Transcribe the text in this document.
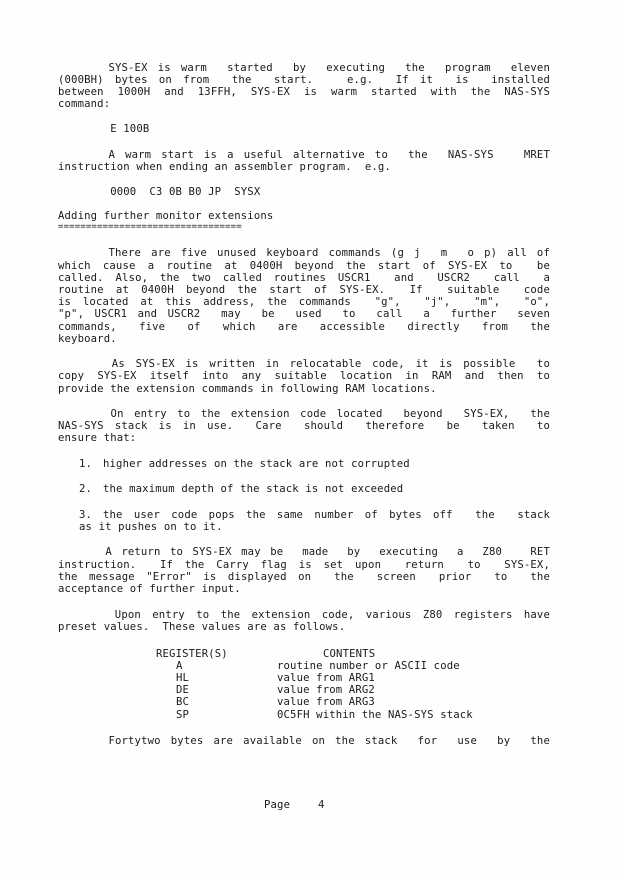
SYS-EX is warm  started  by  executing  the  program  eleven
(000BH) bytes on from  the  start.   e.g.  If it  is  installed
between 1000H and 13FFH, SYS-EX is warm started with the NAS-SYS
command:
E 100B
A warm start is a useful alternative to  the  NAS-SYS   MRET
instruction when ending an assembler program.  e.g.
0000  C3 0B B0 JP  SYSX
Adding further monitor extensions
=================================
There are five unused keyboard commands (g j  m  o p) all of
which cause a routine at 0400H beyond the start of SYS-EX to  be
called. Also, the two called routines USCR1  and  USCR2  call  a
routine at 0400H beyond the start of SYS-EX.  If  suitable  code
is located at this address, the commands  "g",  "j",  "m",  "o",
"p", USCR1 and USCR2  may  be  used  to  call  a  further  seven
commands,  five  of  which  are  accessible  directly  from  the
keyboard.
As SYS-EX is written in relocatable code, it is possible  to
copy SYS-EX itself into any suitable location in RAM and then to
provide the extension commands in following RAM locations.
On entry to the extension code located  beyond  SYS-EX,  the
NAS-SYS stack is in use.  Care  should  therefore  be  taken  to
ensure that:
1. higher addresses on the stack are not corrupted
2. the maximum depth of the stack is not exceeded
3. the user code pops the same number of bytes off  the  stack
as it pushes on to it.
A return to SYS-EX may be  made  by  executing  a  Z80   RET
instruction.  If the Carry flag is set upon  return  to  SYS-EX,
the message "Error" is displayed on  the  screen  prior  to  the
acceptance of further input.
Upon entry to the extension code, various Z80 registers have
preset values.  These values are as follows.
REGISTER(S)	CONTENTS
A	routine number or ASCII code
HL	value from ARG1
DE	value from ARG2
BC	value from ARG3
SP	0C5FH within the NAS-SYS stack
Fortytwo bytes are available on the stack  for  use  by  the
Page	4
